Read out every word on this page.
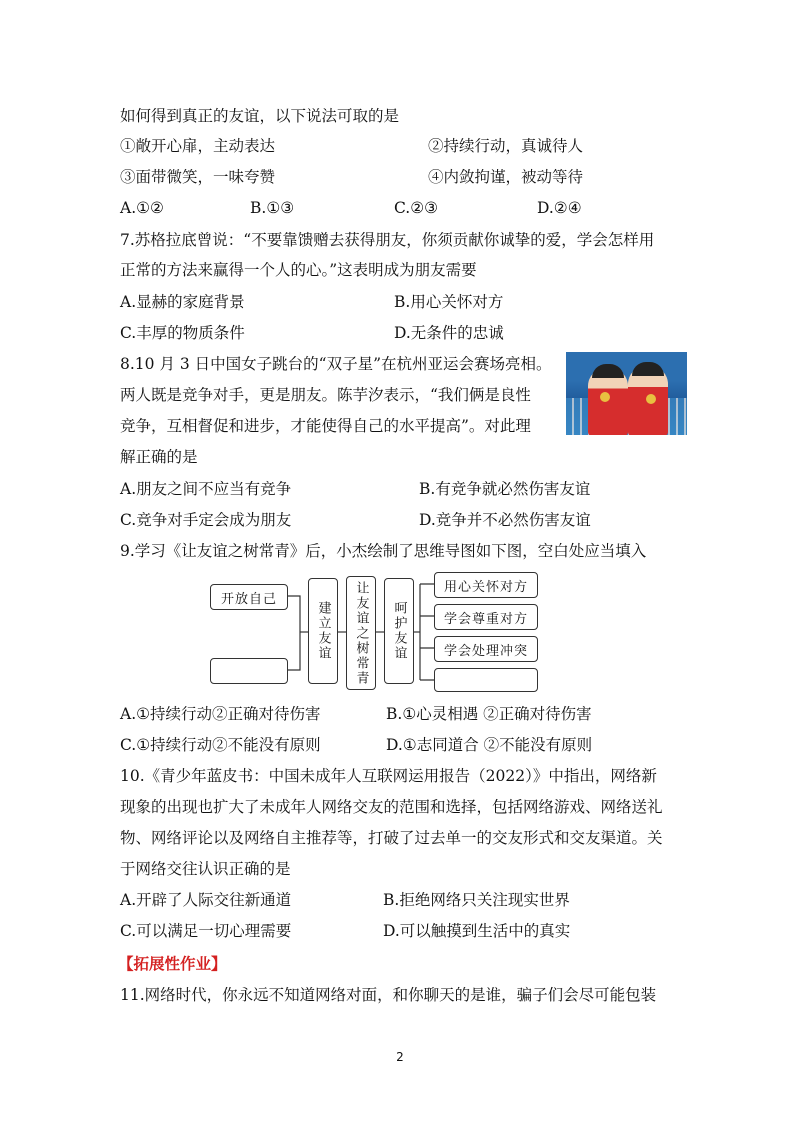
如何得到真正的友谊，以下说法可取的是
①敞开心扉，主动表达	②持续行动，真诚待人
③面带微笑，一味夸赞	④内敛拘谨，被动等待
A.①②	B.①③	C.②③	D.②④
7.苏格拉底曾说：“不要靠馈赠去获得朋友，你须贡献你诚挚的爱，学会怎样用
正常的方法来赢得一个人的心。”这表明成为朋友需要
A.显赫的家庭背景	B.用心关怀对方
C.丰厚的物质条件	D.无条件的忠诚
8.10 月 3 日中国女子跳台的“双子星”在杭州亚运会赛场亮相。
两人既是竞争对手，更是朋友。陈芋汐表示，“我们俩是良性
竞争，互相督促和进步，才能使得自己的水平提高”。对此理
解正确的是
A.朋友之间不应当有竞争	B.有竞争就必然伤害友谊
C.竞争对手定会成为朋友	D.竞争并不必然伤害友谊
9.学习《让友谊之树常青》后，小杰绘制了思维导图如下图，空白处应当填入
开放自己
建立友谊	让友谊之树常青	呵护友谊
用心关怀对方
学会尊重对方
学会处理冲突
A.①持续行动②正确对待伤害	B.①心灵相遇 ②正确对待伤害
C.①持续行动②不能没有原则	D.①志同道合 ②不能没有原则
10.《青少年蓝皮书：中国未成年人互联网运用报告（2022）》中指出，网络新
现象的出现也扩大了未成年人网络交友的范围和选择，包括网络游戏、网络送礼
物、网络评论以及网络自主推荐等，打破了过去单一的交友形式和交友渠道。关
于网络交往认识正确的是
A.开辟了人际交往新通道	B.拒绝网络只关注现实世界
C.可以满足一切心理需要	D.可以触摸到生活中的真实
【拓展性作业】
11.网络时代，你永远不知道网络对面，和你聊天的是谁，骗子们会尽可能包装
2
